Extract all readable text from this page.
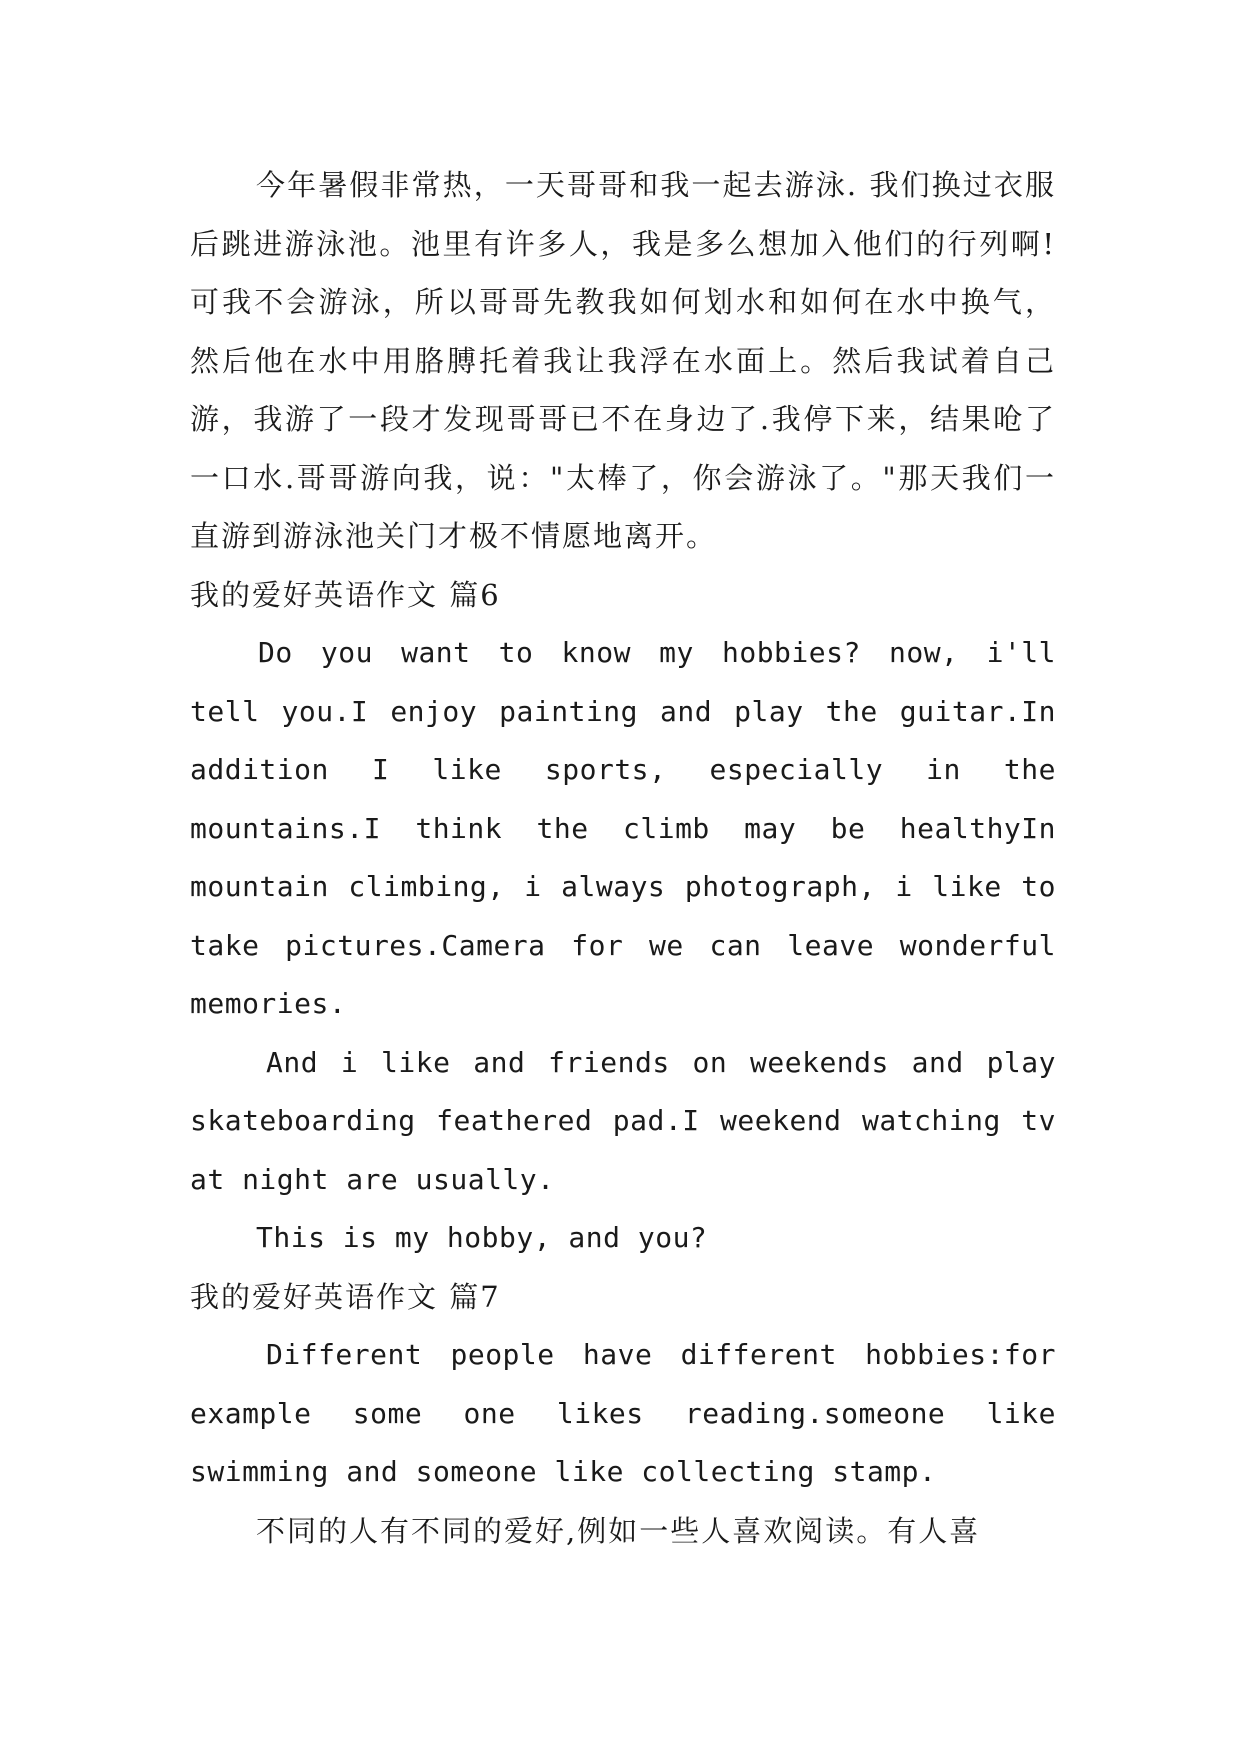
今年暑假非常热，一天哥哥和我一起去游泳. 我们换过衣服后跳进游泳池。池里有许多人，我是多么想加入他们的行列啊!可我不会游泳，所以哥哥先教我如何划水和如何在水中换气，然后他在水中用胳膊托着我让我浮在水面上。然后我试着自己游，我游了一段才发现哥哥已不在身边了.我停下来，结果呛了一口水.哥哥游向我，说："太棒了，你会游泳了。"那天我们一直游到游泳池关门才极不情愿地离开。

我的爱好英语作文 篇6

Do you want to know my hobbies? now, i'll tell you.I enjoy painting and play the guitar.In addition I like sports, especially in the mountains.I think the climb may be healthyIn mountain climbing, i always photograph, i like to take pictures.Camera for we can leave wonderful memories.

And i like and friends on weekends and play skateboarding feathered pad.I weekend watching tv at night are usually.

This is my hobby, and you?

我的爱好英语作文 篇7

Different people have different hobbies:for example some one likes reading.someone like swimming and someone like collecting stamp.

不同的人有不同的爱好,例如一些人喜欢阅读。有人喜
